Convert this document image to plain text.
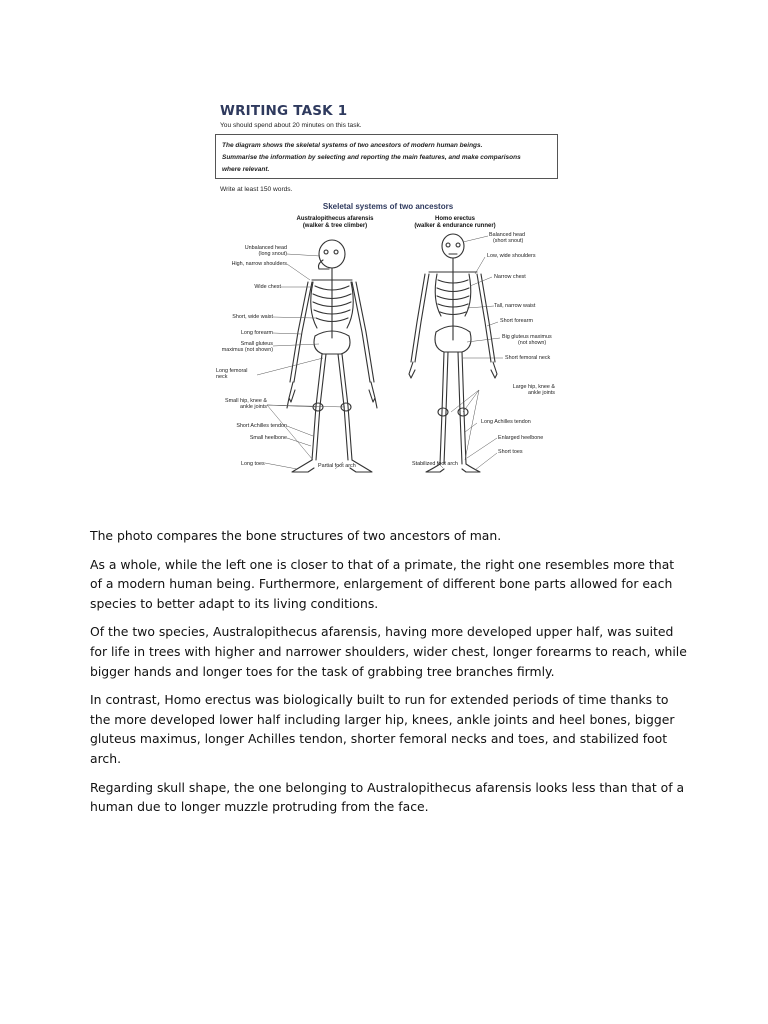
WRITING TASK 1
You should spend about 20 minutes on this task.

The diagram shows the skeletal systems of two ancestors of modern human beings.

Summarise the information by selecting and reporting the main features, and make comparisons

where relevant.

Write at least 150 words.
Skeletal systems of two ancestors
Australopithecus afarensis
(walker & tree climber)
Homo erectus
(walker & endurance runner)
Unbalanced head
(long snout)
High, narrow shoulders
Wide chest
Short, wide waist
Long forearm
Small gluteus
maximus (not shown)
Long femoral
neck
Small hip, knee &
ankle joints
Short Achilles tendon
Small heelbone
Long toes	Partial foot arch
Balanced head
(short snout)
Low, wide shoulders
Narrow chest
Tall, narrow waist
Short forearm
Big gluteus maximus
(not shown)
Short femoral neck
Large hip, knee &
ankle joints
Long Achilles tendon
Enlarged heelbone
Short toes
Stabilized foot arch

The photo compares the bone structures of two ancestors of man.

As a whole, while the left one is closer to that of a primate, the right one resembles more that of a modern human being. Furthermore, enlargement of different bone parts allowed for each species to better adapt to its living conditions.

Of the two species, Australopithecus afarensis, having more developed upper half, was suited for life in trees with higher and narrower shoulders, wider chest, longer forearms to reach, while bigger hands and longer toes for the task of grabbing tree branches firmly.

In contrast, Homo erectus was biologically built to run for extended periods of time thanks to the more developed lower half including larger hip, knees, ankle joints and heel bones, bigger gluteus maximus, longer Achilles tendon, shorter femoral necks and toes, and stabilized foot arch.

Regarding skull shape, the one belonging to Australopithecus afarensis looks less than that of a human due to longer muzzle protruding from the face.
